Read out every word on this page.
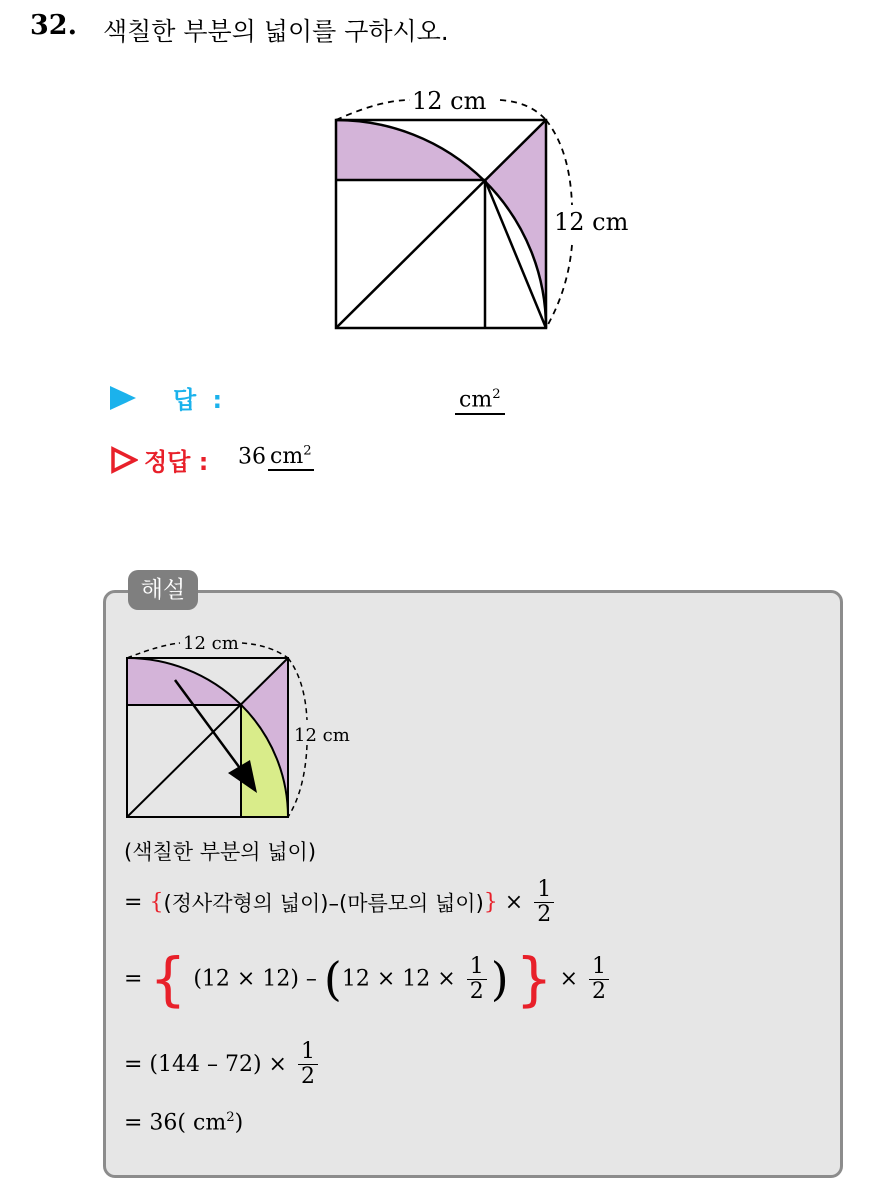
32. 색칠한 부분의 넓이를 구하시오.
12 cm
12 cm
답 :	$cm^2$
정답 : 36 $cm^2$
해설
12 cm
12 cm
(색칠한 부분의 넓이)
= {(정사각형의 넓이)–(마름모의 넓이)} × $\frac{1}{2}$
= { $(12 \times 12) - (12 \times 12 \times \frac{1}{2}$ ) } × $\frac{1}{2}$
= $(144 - 72) \times \frac{1}{2}$
= 36( $cm^2$)
